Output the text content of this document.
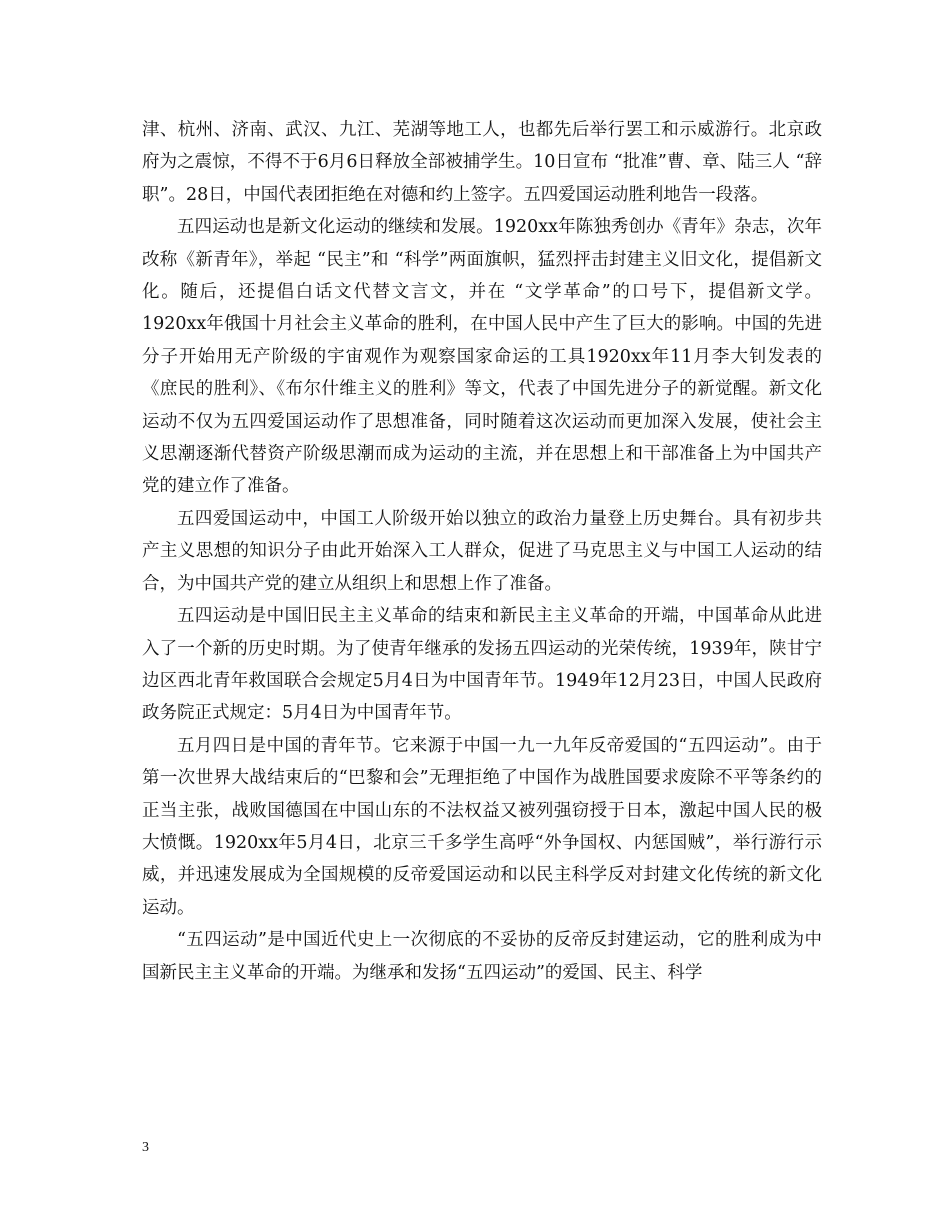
津、杭州、济南、武汉、九江、芜湖等地工人，也都先后举行罢工和示威游行。北京政府为之震惊，不得不于6月6日释放全部被捕学生。10日宣布 “批准”曹、章、陆三人 “辞职”。28日，中国代表团拒绝在对德和约上签字。五四爱国运动胜利地告一段落。

五四运动也是新文化运动的继续和发展。1920xx年陈独秀创办《青年》杂志，次年改称《新青年》，举起 “民主”和 “科学”两面旗帜，猛烈抨击封建主义旧文化，提倡新文化。随后，还提倡白话文代替文言文，并在 “文学革命”的口号下，提倡新文学。1920xx年俄国十月社会主义革命的胜利，在中国人民中产生了巨大的影响。中国的先进分子开始用无产阶级的宇宙观作为观察国家命运的工具1920xx年11月李大钊发表的《庶民的胜利》、《布尔什维主义的胜利》等文，代表了中国先进分子的新觉醒。新文化运动不仅为五四爱国运动作了思想准备，同时随着这次运动而更加深入发展，使社会主义思潮逐渐代替资产阶级思潮而成为运动的主流，并在思想上和干部准备上为中国共产党的建立作了准备。

五四爱国运动中，中国工人阶级开始以独立的政治力量登上历史舞台。具有初步共产主义思想的知识分子由此开始深入工人群众，促进了马克思主义与中国工人运动的结合，为中国共产党的建立从组织上和思想上作了准备。

五四运动是中国旧民主主义革命的结束和新民主主义革命的开端，中国革命从此进入了一个新的历史时期。为了使青年继承的发扬五四运动的光荣传统，1939年，陕甘宁边区西北青年救国联合会规定5月4日为中国青年节。1949年12月23日，中国人民政府政务院正式规定：5月4日为中国青年节。

五月四日是中国的青年节。它来源于中国一九一九年反帝爱国的“五四运动”。由于第一次世界大战结束后的“巴黎和会”无理拒绝了中国作为战胜国要求废除不平等条约的正当主张，战败国德国在中国山东的不法权益又被列强窃授于日本，激起中国人民的极大愤慨。1920xx年5月4日，北京三千多学生高呼“外争国权、内惩国贼”，举行游行示威，并迅速发展成为全国规模的反帝爱国运动和以民主科学反对封建文化传统的新文化运动。

“五四运动”是中国近代史上一次彻底的不妥协的反帝反封建运动，它的胜利成为中国新民主主义革命的开端。为继承和发扬“五四运动”的爱国、民主、科学

3
